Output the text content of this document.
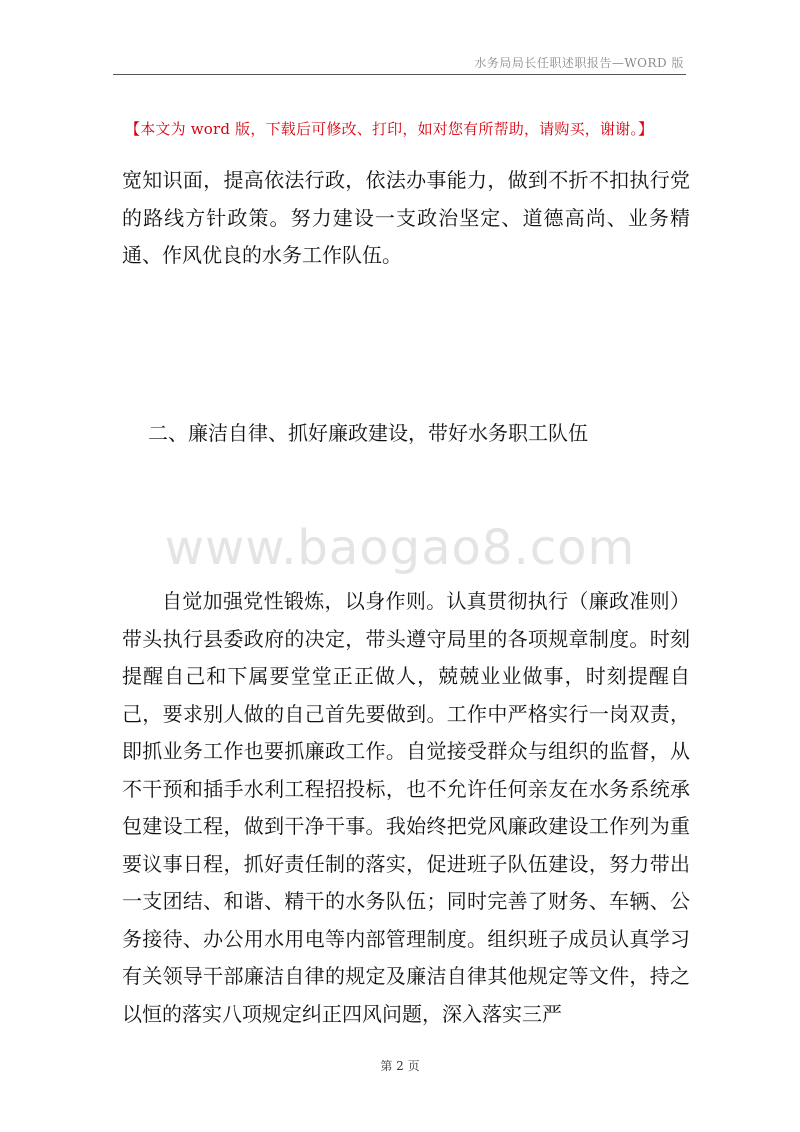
水务局局长任职述职报告—WORD 版
【本文为 word 版，下载后可修改、打印，如对您有所帮助，请购买，谢谢。】

宽知识面，提高依法行政，依法办事能力，做到不折不扣执行党的路线方针政策。努力建设一支政治坚定、道德高尚、业务精通、作风优良的水务工作队伍。

二、廉洁自律、抓好廉政建设，带好水务职工队伍
www.baogao8.com

自觉加强党性锻炼，以身作则。认真贯彻执行（廉政准则）带头执行县委政府的决定，带头遵守局里的各项规章制度。时刻提醒自己和下属要堂堂正正做人，兢兢业业做事，时刻提醒自己，要求别人做的自己首先要做到。工作中严格实行一岗双责，即抓业务工作也要抓廉政工作。自觉接受群众与组织的监督，从不干预和插手水利工程招投标，也不允许任何亲友在水务系统承包建设工程，做到干净干事。我始终把党风廉政建设工作列为重要议事日程，抓好责任制的落实，促进班子队伍建设，努力带出一支团结、和谐、精干的水务队伍；同时完善了财务、车辆、公务接待、办公用水用电等内部管理制度。组织班子成员认真学习有关领导干部廉洁自律的规定及廉洁自律其他规定等文件，持之以恒的落实八项规定纠正四风问题，深入落实三严

第 2 页
